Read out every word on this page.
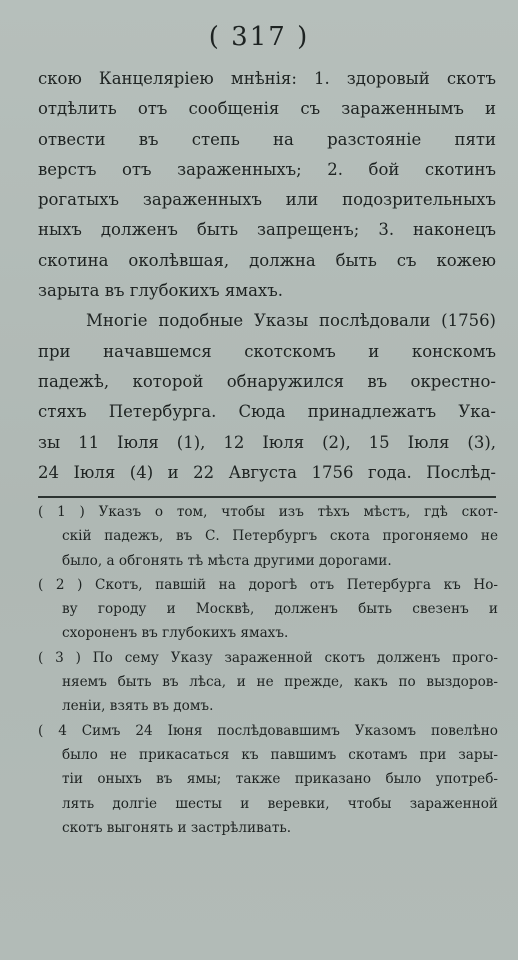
( 317 )
скою Канцеляріею мнѣнія: 1. здоровый скотъ
отдѣлить отъ сообщенія съ зараженнымъ и
отвести въ степь на разстояніе пяти
верстъ отъ зараженныхъ; 2. бой скотинъ
рогатыхъ зараженныхъ или подозрительныхъ
ныхъ долженъ быть запрещенъ; 3. наконецъ
скотина околѣвшая, должна быть съ кожею
зарыта въ глубокихъ ямахъ.
Многіе подобные Указы послѣдовали (1756)
при начавшемся скотскомъ и конскомъ
падежѣ, которой обнаружился въ окрестно-
стяхъ Петербурга. Сюда принадлежатъ Ука-
зы 11 Іюля (1), 12 Іюля (2), 15 Іюля (3),
24 Іюля (4) и 22 Августа 1756 года. Послѣд-
( 1 ) Указъ о том, чтобы изъ тѣхъ мѣстъ, гдѣ скот-
скій падежъ, въ С. Петербургъ скота прогоняемо не
было, а обгонять тѣ мѣста другими дорогами.
( 2 ) Скотъ, павшій на дорогѣ отъ Петербурга къ Но-
ву городу и Москвѣ, долженъ быть свезенъ и
схороненъ въ глубокихъ ямахъ.
( 3 ) По сему Указу зараженной скотъ долженъ прого-
няемъ быть въ лѣса, и не прежде, какъ по выздоров-
леніи, взять въ домъ.
( 4 Симъ 24 Іюня послѣдовавшимъ Указомъ повелѣно
было не прикасаться къ павшимъ скотамъ при зары-
тіи оныхъ въ ямы; также приказано было употреб-
лять долгіе шесты и веревки, чтобы зараженной
скотъ выгонять и застрѣливать.
